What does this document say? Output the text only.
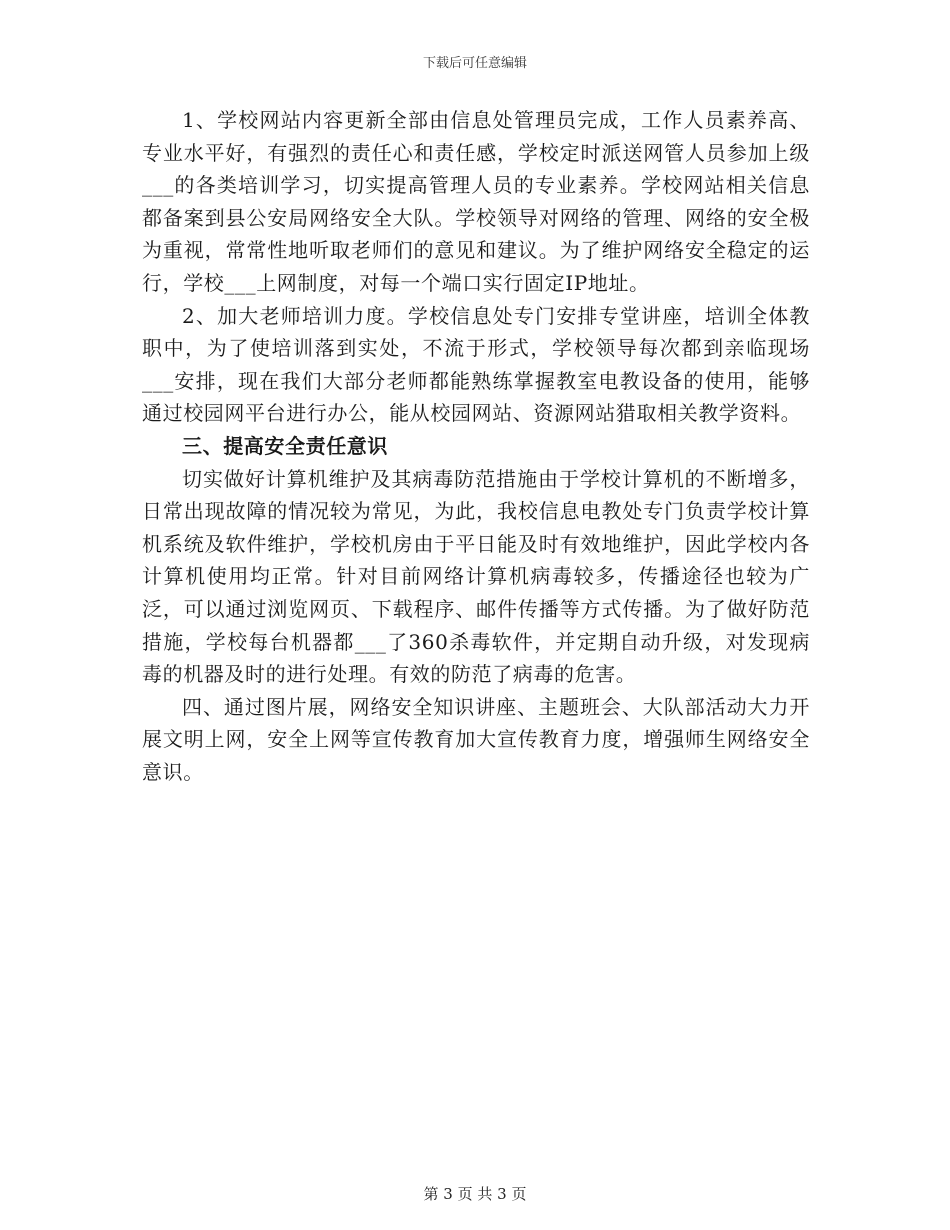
下载后可任意编辑

1、学校网站内容更新全部由信息处管理员完成，工作人员素养高、专业水平好，有强烈的责任心和责任感，学校定时派送网管人员参加上级___的各类培训学习，切实提高管理人员的专业素养。学校网站相关信息都备案到县公安局网络安全大队。学校领导对网络的管理、网络的安全极为重视，常常性地听取老师们的意见和建议。为了维护网络安全稳定的运行，学校___上网制度，对每一个端口实行固定IP地址。

2、加大老师培训力度。学校信息处专门安排专堂讲座，培训全体教职中，为了使培训落到实处，不流于形式，学校领导每次都到亲临现场___安排，现在我们大部分老师都能熟练掌握教室电教设备的使用，能够通过校园网平台进行办公，能从校园网站、资源网站猎取相关教学资料。

三、提高安全责任意识

切实做好计算机维护及其病毒防范措施由于学校计算机的不断增多，日常出现故障的情况较为常见，为此，我校信息电教处专门负责学校计算机系统及软件维护，学校机房由于平日能及时有效地维护，因此学校内各计算机使用均正常。针对目前网络计算机病毒较多，传播途径也较为广泛，可以通过浏览网页、下载程序、邮件传播等方式传播。为了做好防范措施，学校每台机器都___了360杀毒软件，并定期自动升级，对发现病毒的机器及时的进行处理。有效的防范了病毒的危害。

四、通过图片展，网络安全知识讲座、主题班会、大队部活动大力开展文明上网，安全上网等宣传教育加大宣传教育力度，增强师生网络安全意识。

第 3 页 共 3 页
